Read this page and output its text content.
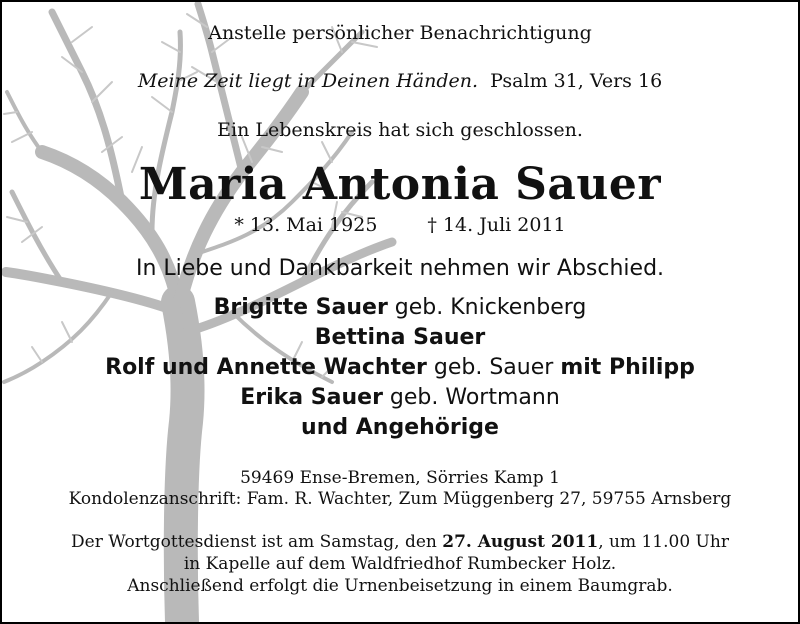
Anstelle persönlicher Benachrichtigung
Meine Zeit liegt in Deinen Händen. Psalm 31, Vers 16
Ein Lebenskreis hat sich geschlossen.
Maria Antonia Sauer
* 13. Mai 1925	† 14. Juli 2011
In Liebe und Dankbarkeit nehmen wir Abschied.
Brigitte Sauer geb. Knickenberg
Bettina Sauer
Rolf und Annette Wachter geb. Sauer mit Philipp
Erika Sauer geb. Wortmann
und Angehörige
59469 Ense-Bremen, Sörries Kamp 1
Kondolenzanschrift: Fam. R. Wachter, Zum Müggenberg 27, 59755 Arnsberg
Der Wortgottesdienst ist am Samstag, den 27. August 2011, um 11.00 Uhr
in Kapelle auf dem Waldfriedhof Rumbecker Holz.
Anschließend erfolgt die Urnenbeisetzung in einem Baumgrab.
